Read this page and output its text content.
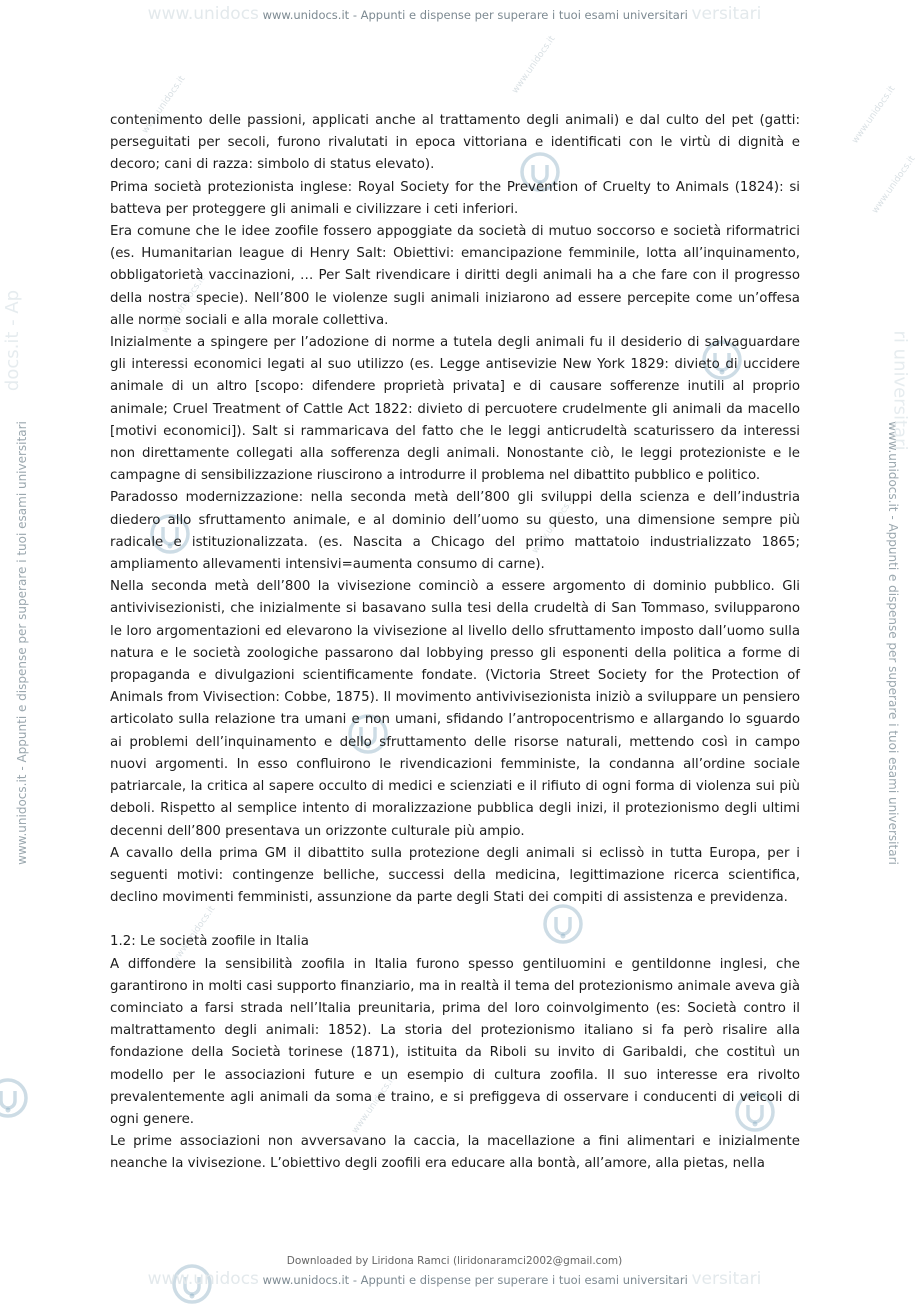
www.unidocs www.unidocs.it - Appunti e dispense per superare i tuoi esami universitari versitari
www.unidocs.it - Appunti e dispense per superare i tuoi esami universitari	www.unidocs.it - Appunti e dispense per superare i tuoi esami universitari
docs.it - Ap	ri universitari
www.unidocs.it
www.unidocs.it
www.unidocs.it
www.unidocs.it
www.unidocs.it
www.unidocs.it
www.unidocs.it
www.unidocs.it

contenimento delle passioni, applicati anche al trattamento degli animali) e dal culto del pet (gatti: perseguitati per secoli, furono rivalutati in epoca vittoriana e identificati con le virtù di dignità e decoro; cani di razza: simbolo di status elevato).

Prima società protezionista inglese: Royal Society for the Prevention of Cruelty to Animals (1824): si batteva per proteggere gli animali e civilizzare i ceti inferiori.

Era comune che le idee zoofile fossero appoggiate da società di mutuo soccorso e società riformatrici (es. Humanitarian league di Henry Salt: Obiettivi: emancipazione femminile, lotta all’inquinamento, obbligatorietà vaccinazioni, … Per Salt rivendicare i diritti degli animali ha a che fare con il progresso della nostra specie). Nell’800 le violenze sugli animali iniziarono ad essere percepite come un’offesa alle norme sociali e alla morale collettiva.

Inizialmente a spingere per l’adozione di norme a tutela degli animali fu il desiderio di salvaguardare gli interessi economici legati al suo utilizzo (es. Legge antisevizie New York 1829: divieto di uccidere animale di un altro [scopo: difendere proprietà privata] e di causare sofferenze inutili al proprio animale; Cruel Treatment of Cattle Act 1822: divieto di percuotere crudelmente gli animali da macello [motivi economici]). Salt si rammaricava del fatto che le leggi anticrudeltà scaturissero da interessi non direttamente collegati alla sofferenza degli animali. Nonostante ciò, le leggi protezioniste e le campagne di sensibilizzazione riuscirono a introdurre il problema nel dibattito pubblico e politico.

Paradosso modernizzazione: nella seconda metà dell’800 gli sviluppi della scienza e dell’industria diedero allo sfruttamento animale, e al dominio dell’uomo su questo, una dimensione sempre più radicale e istituzionalizzata. (es. Nascita a Chicago del primo mattatoio industrializzato 1865; ampliamento allevamenti intensivi=aumenta consumo di carne).

Nella seconda metà dell’800 la vivisezione cominciò a essere argomento di dominio pubblico. Gli antivivisezionisti, che inizialmente si basavano sulla tesi della crudeltà di San Tommaso, svilupparono le loro argomentazioni ed elevarono la vivisezione al livello dello sfruttamento imposto dall’uomo sulla natura e le società zoologiche passarono dal lobbying presso gli esponenti della politica a forme di propaganda e divulgazioni scientificamente fondate. (Victoria Street Society for the Protection of Animals from Vivisection: Cobbe, 1875). Il movimento antivivisezionista iniziò a sviluppare un pensiero articolato sulla relazione tra umani e non umani, sfidando l’antropocentrismo e allargando lo sguardo ai problemi dell’inquinamento e dello sfruttamento delle risorse naturali, mettendo così in campo nuovi argomenti. In esso confluirono le rivendicazioni femministe, la condanna all’ordine sociale patriarcale, la critica al sapere occulto di medici e scienziati e il rifiuto di ogni forma di violenza sui più deboli. Rispetto al semplice intento di moralizzazione pubblica degli inizi, il protezionismo degli ultimi decenni dell’800 presentava un orizzonte culturale più ampio.

A cavallo della prima GM il dibattito sulla protezione degli animali si eclissò in tutta Europa, per i seguenti motivi: contingenze belliche, successi della medicina, legittimazione ricerca scientifica, declino movimenti femministi, assunzione da parte degli Stati dei compiti di assistenza e previdenza.

1.2: Le società zoofile in Italia

A diffondere la sensibilità zoofila in Italia furono spesso gentiluomini e gentildonne inglesi, che garantirono in molti casi supporto finanziario, ma in realtà il tema del protezionismo animale aveva già cominciato a farsi strada nell’Italia preunitaria, prima del loro coinvolgimento (es: Società contro il maltrattamento degli animali: 1852). La storia del protezionismo italiano si fa però risalire alla fondazione della Società torinese (1871), istituita da Riboli su invito di Garibaldi, che costituì un modello per le associazioni future e un esempio di cultura zoofila. Il suo interesse era rivolto prevalentemente agli animali da soma e traino, e si prefiggeva di osservare i conducenti di veicoli di ogni genere.

Le prime associazioni non avversavano la caccia, la macellazione a fini alimentari e inizialmente neanche la vivisezione. L’obiettivo degli zoofili era educare alla bontà, all’amore, alla pietas, nella

Downloaded by Liridona Ramci (liridonaramci2002@gmail.com)
www.unidocs www.unidocs.it - Appunti e dispense per superare i tuoi esami universitari versitari
